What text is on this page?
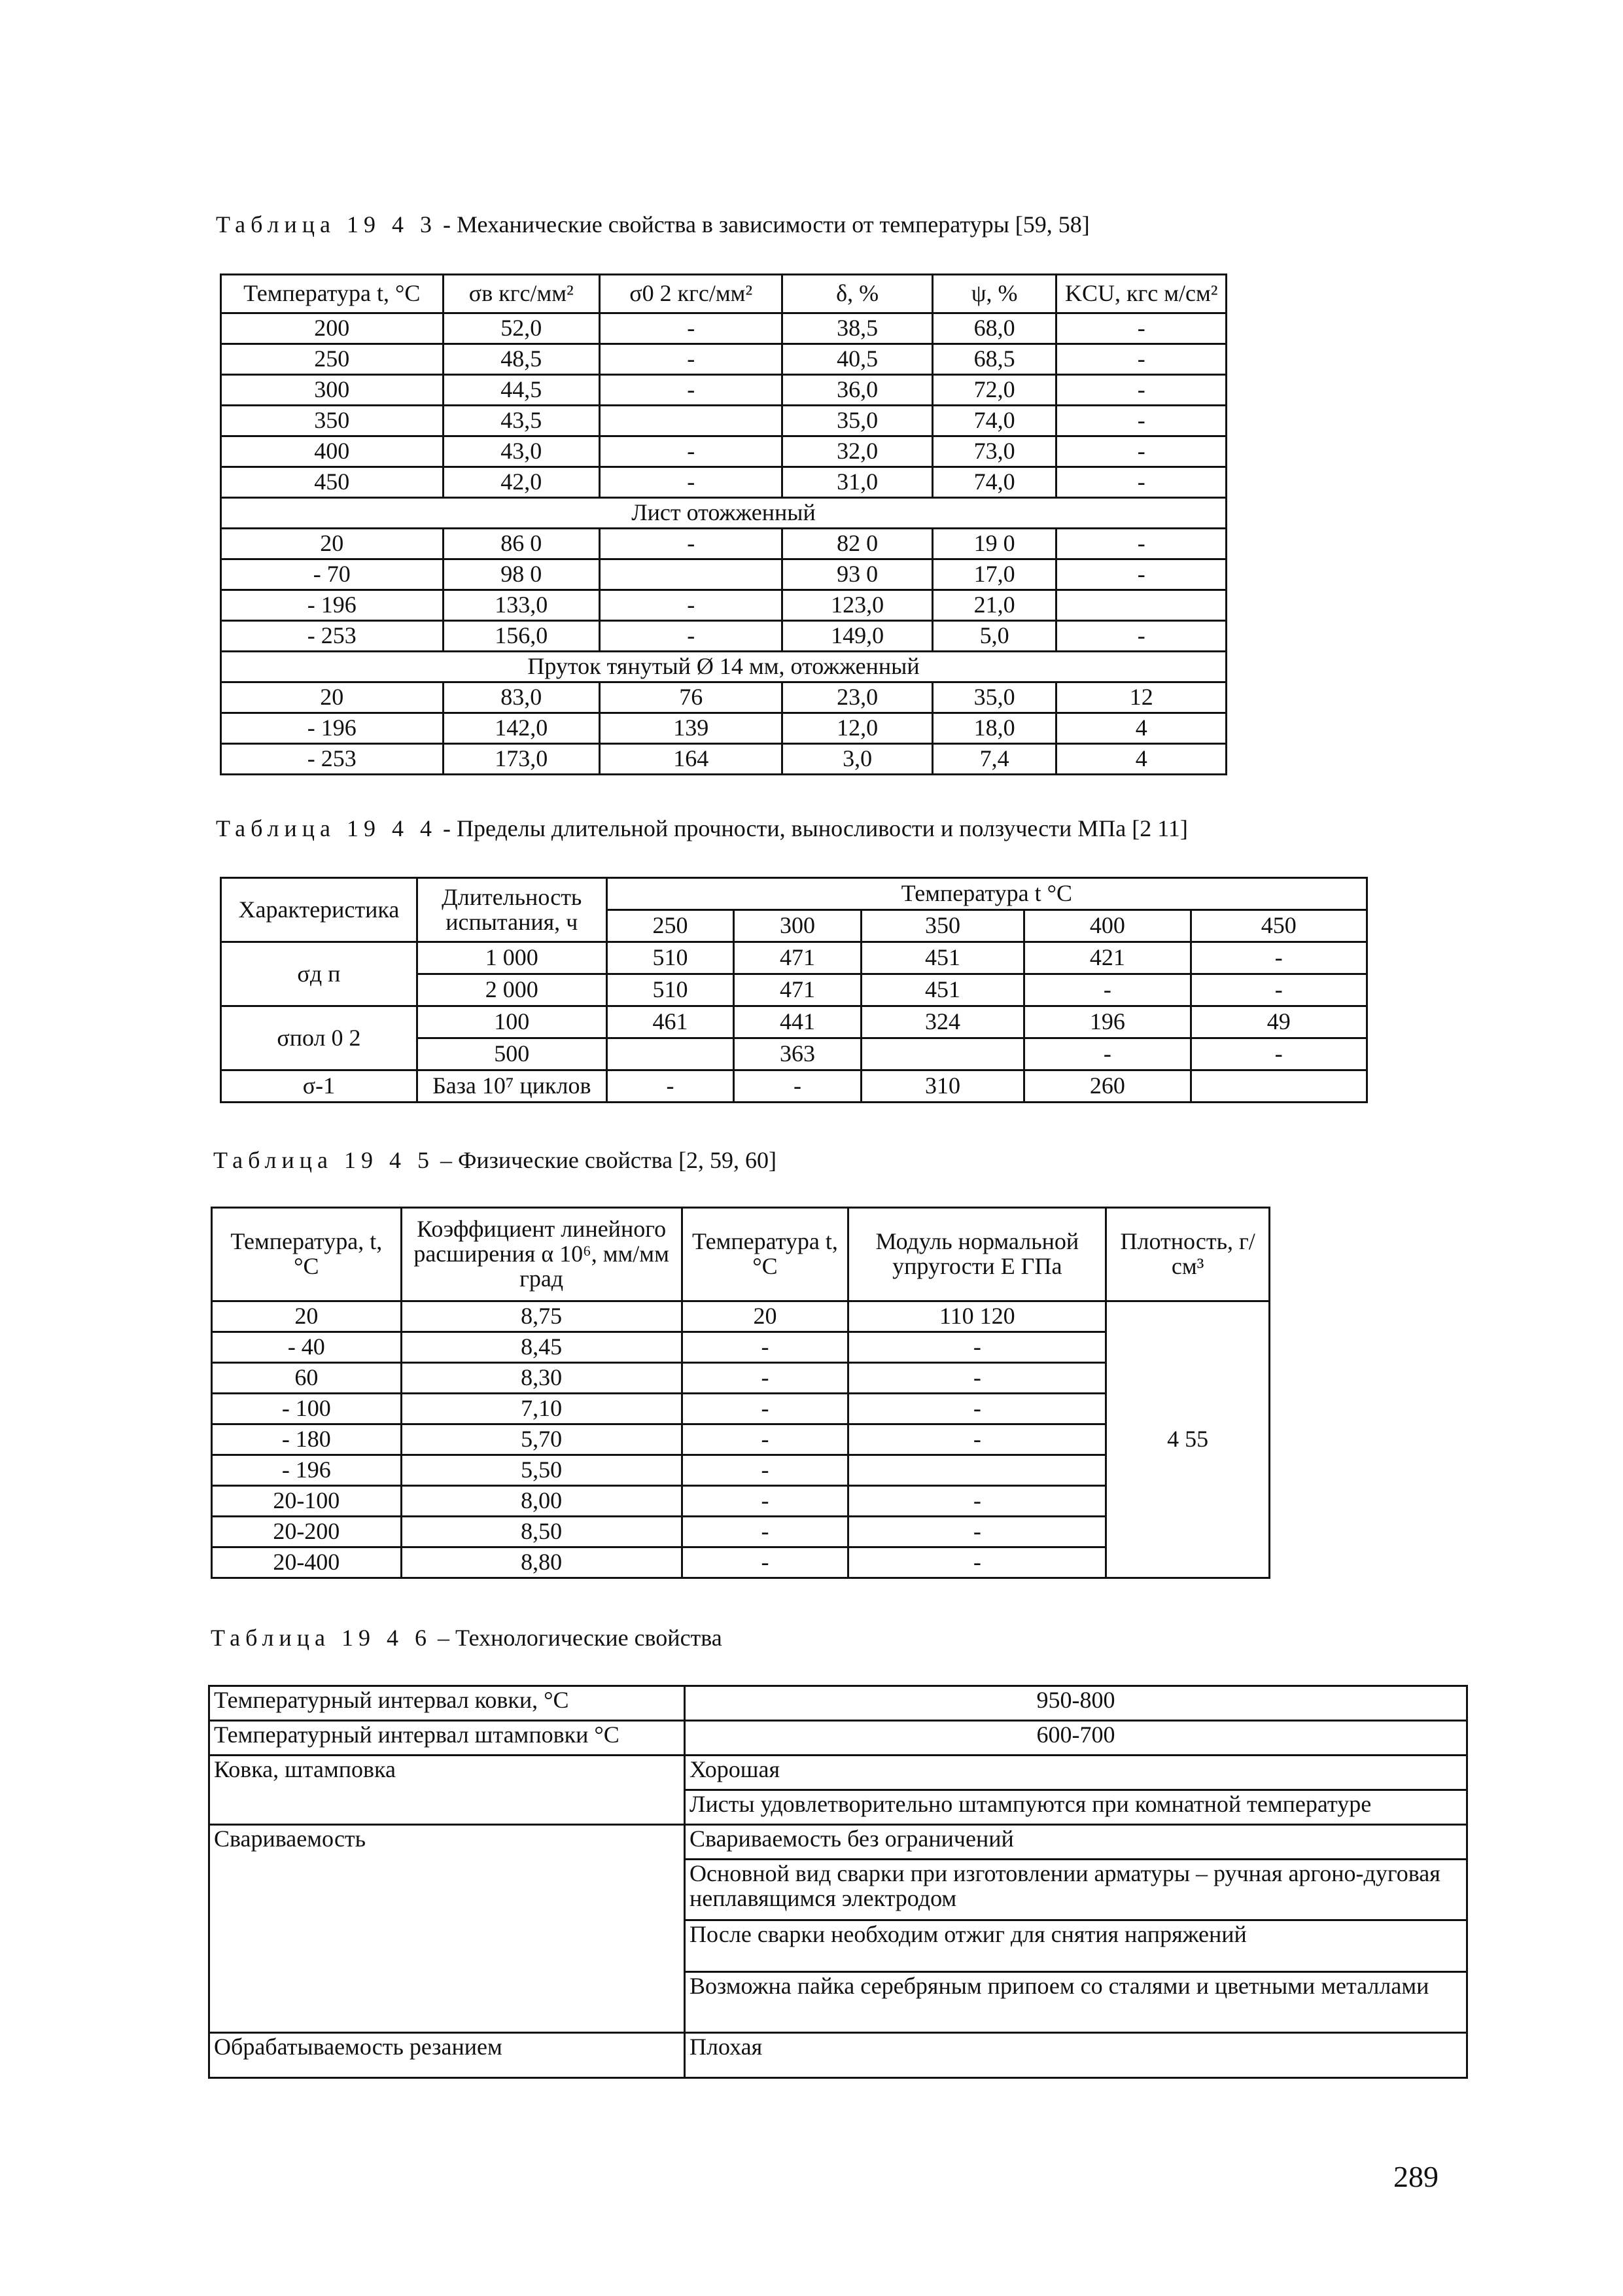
Таблица 19 4 3 - Механические свойства в зависимости от температуры [59, 58]
Температура t, °С	σв кгс/мм²	σ0 2 кгс/мм²	δ, %	ψ, %	KCU, кгс м/см²
200	52,0	-	38,5	68,0	-
250	48,5	-	40,5	68,5	-
300	44,5	-	36,0	72,0	-
350	43,5		35,0	74,0	-
400	43,0	-	32,0	73,0	-
450	42,0	-	31,0	74,0	-
Лист отожженный					
20	86 0	-	82 0	19 0	-
- 70	98 0		93 0	17,0	-
- 196	133,0	-	123,0	21,0	
- 253	156,0	-	149,0	5,0	-
Пруток тянутый Ø 14 мм, отожженный					
20	83,0	76	23,0	35,0	12
- 196	142,0	139	12,0	18,0	4
- 253	173,0	164	3,0	7,4	4
Таблица 19 4 4 - Пределы длительной прочности, выносливости и ползучести МПа [2 11]
Характеристика	Длительность испытания, ч	Температура t °С				
		250	300	350	400	450
σд п	1 000	510	471	451	421	-
	2 000	510	471	451	-	-
σпол 0 2	100	461	441	324	196	49
	500		363		-	-
σ-1	База 10⁷ циклов	-	-	310	260	
Таблица 19 4 5 – Физические свойства [2, 59, 60]
Температура, t, °С	Коэффициент линейного расширения α 10⁶, мм/мм град	Температура t, °С	Модуль нормальной упругости Е ГПа	Плотность, г/см³
20	8,75	20	110 120	4 55
- 40	8,45	-	-	
60	8,30	-	-	
- 100	7,10	-	-	
- 180	5,70	-	-	
- 196	5,50	-		
20-100	8,00	-	-	
20-200	8,50	-	-	
20-400	8,80	-	-	
Таблица 19 4 6 – Технологические свойства
Температурный интервал ковки, °С	950-800
Температурный интервал штамповки °С	600-700
Ковка, штамповка	Хорошая
	Листы удовлетворительно штампуются при комнатной температуре
Свариваемость	Свариваемость без ограничений
	Основной вид сварки при изготовлении арматуры – ручная аргоно-дуговая неплавящимся электродом
	После сварки необходим отжиг для снятия напряжений
	Возможна пайка серебряным припоем со сталями и цветными металлами
Обрабатываемость резанием	Плохая
289
